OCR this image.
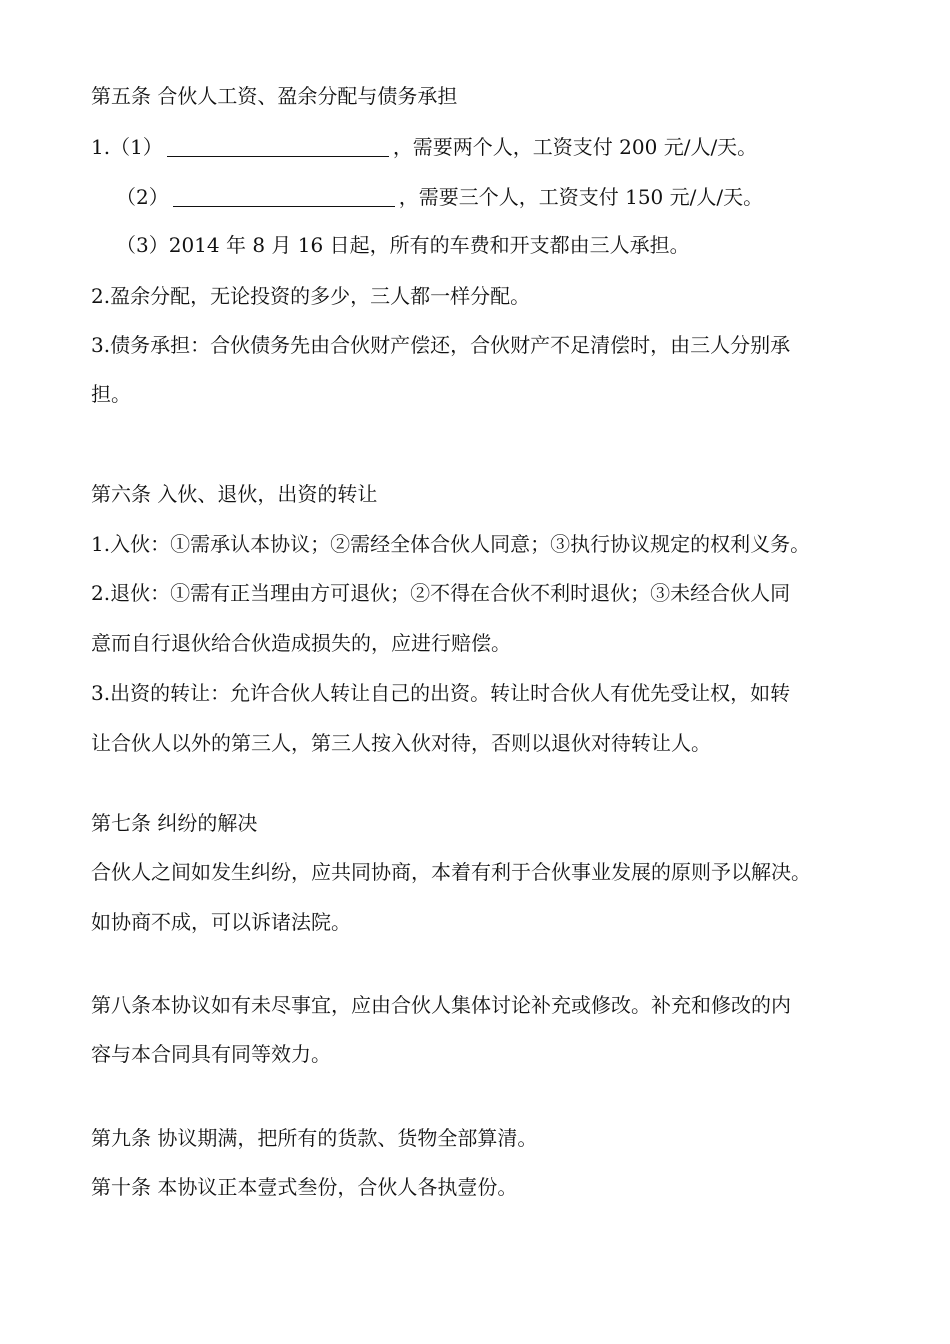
第五条 合伙人工资、盈余分配与债务承担
1.（1）	，需要两个人，工资支付 200 元/人/天。
（2）	，需要三个人，工资支付 150 元/人/天。
（3）2014 年 8 月 16 日起，所有的车费和开支都由三人承担。
2.盈余分配，无论投资的多少，三人都一样分配。
3.债务承担：合伙债务先由合伙财产偿还，合伙财产不足清偿时，由三人分别承
担。
第六条 入伙、退伙，出资的转让
1.入伙：①需承认本协议；②需经全体合伙人同意；③执行协议规定的权利义务。
2.退伙：①需有正当理由方可退伙；②不得在合伙不利时退伙；③未经合伙人同
意而自行退伙给合伙造成损失的，应进行赔偿。
3.出资的转让：允许合伙人转让自己的出资。转让时合伙人有优先受让权，如转
让合伙人以外的第三人，第三人按入伙对待，否则以退伙对待转让人。
第七条 纠纷的解决
合伙人之间如发生纠纷，应共同协商，本着有利于合伙事业发展的原则予以解决。
如协商不成，可以诉诸法院。
第八条本协议如有未尽事宜，应由合伙人集体讨论补充或修改。补充和修改的内
容与本合同具有同等效力。
第九条 协议期满，把所有的货款、货物全部算清。
第十条 本协议正本壹式叁份，合伙人各执壹份。
